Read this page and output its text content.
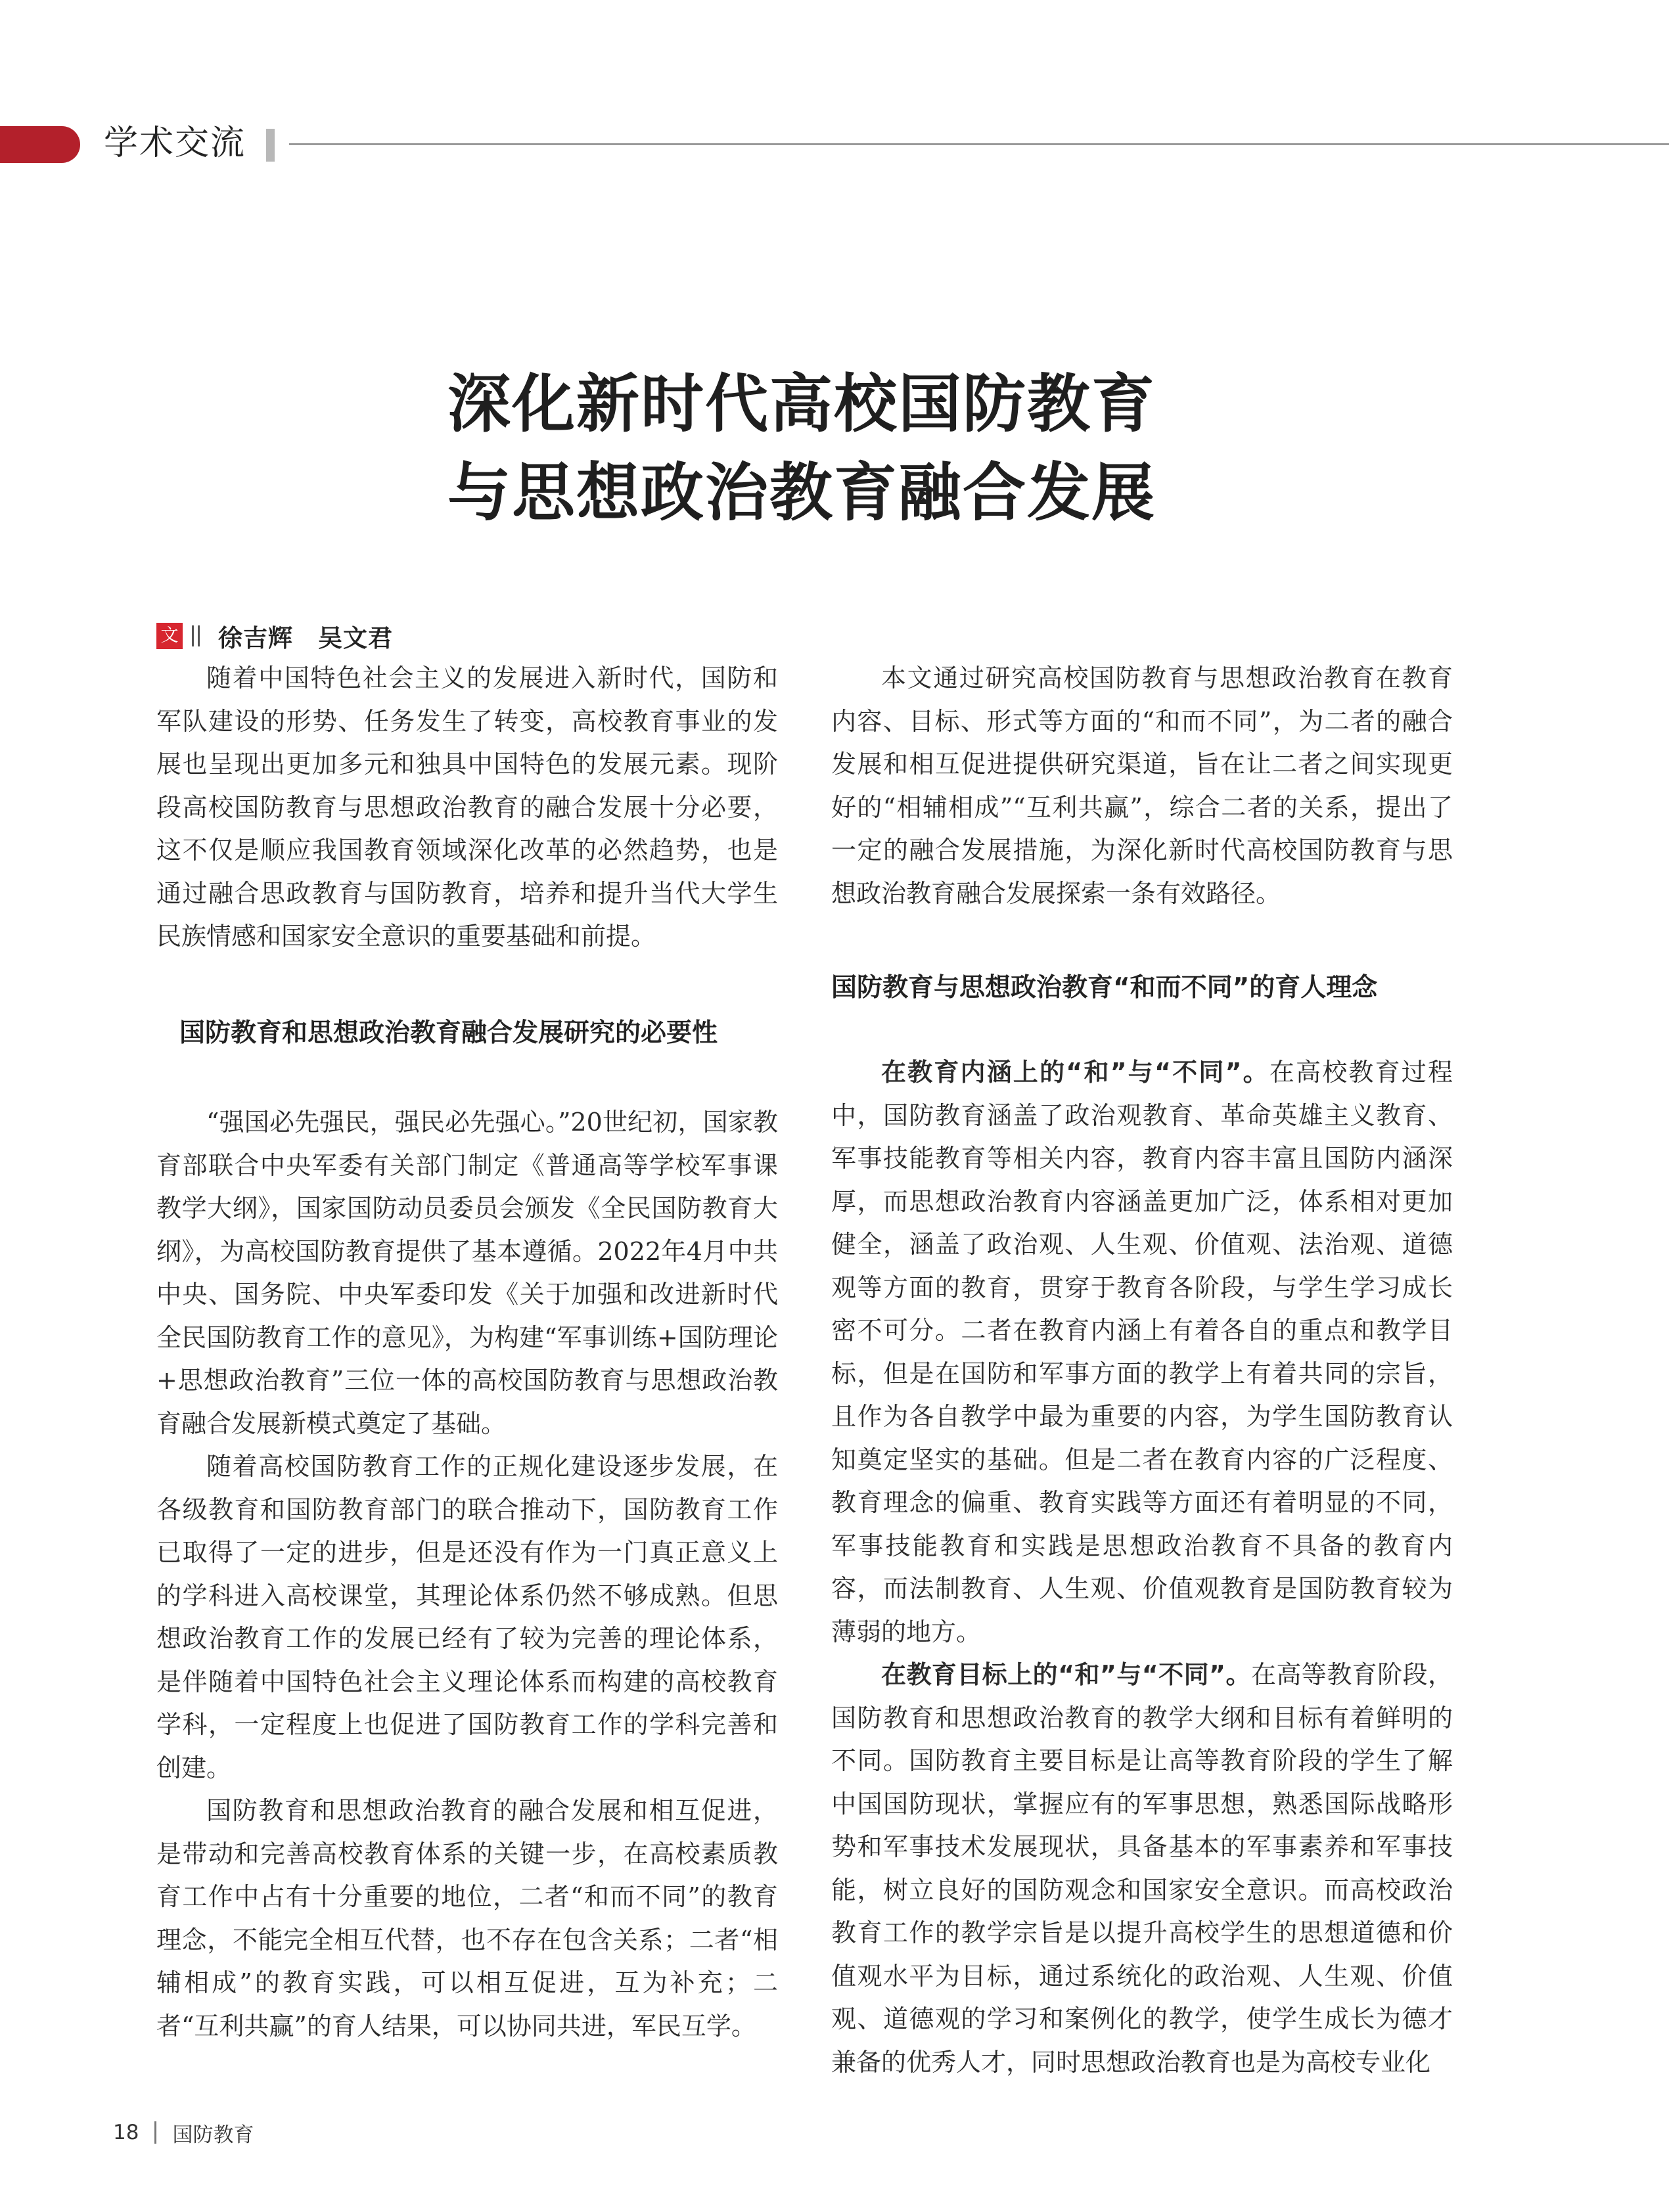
学术交流
深化新时代高校国防教育
与思想政治教育融合发展
文 徐吉辉　吴文君

随着中国特色社会主义的发展进入新时代，国防和军队建设的形势、任务发生了转变，高校教育事业的发展也呈现出更加多元和独具中国特色的发展元素。现阶段高校国防教育与思想政治教育的融合发展十分必要，这不仅是顺应我国教育领域深化改革的必然趋势，也是通过融合思政教育与国防教育，培养和提升当代大学生民族情感和国家安全意识的重要基础和前提。

国防教育和思想政治教育融合发展研究的必要性

“强国必先强民，强民必先强心。”20世纪初，国家教育部联合中央军委有关部门制定《普通高等学校军事课教学大纲》，国家国防动员委员会颁发《全民国防教育大纲》，为高校国防教育提供了基本遵循。2022年4月中共中央、国务院、中央军委印发《关于加强和改进新时代全民国防教育工作的意见》，为构建“军事训练+国防理论+思想政治教育”三位一体的高校国防教育与思想政治教育融合发展新模式奠定了基础。

随着高校国防教育工作的正规化建设逐步发展，在各级教育和国防教育部门的联合推动下，国防教育工作已取得了一定的进步，但是还没有作为一门真正意义上的学科进入高校课堂，其理论体系仍然不够成熟。但思想政治教育工作的发展已经有了较为完善的理论体系，是伴随着中国特色社会主义理论体系而构建的高校教育学科，一定程度上也促进了国防教育工作的学科完善和创建。

国防教育和思想政治教育的融合发展和相互促进，是带动和完善高校教育体系的关键一步，在高校素质教育工作中占有十分重要的地位，二者“和而不同”的教育理念，不能完全相互代替，也不存在包含关系；二者“相辅相成”的教育实践，可以相互促进，互为补充；二者“互利共赢”的育人结果，可以协同共进，军民互学。

本文通过研究高校国防教育与思想政治教育在教育内容、目标、形式等方面的“和而不同”，为二者的融合发展和相互促进提供研究渠道，旨在让二者之间实现更好的“相辅相成”“互利共赢”，综合二者的关系，提出了一定的融合发展措施，为深化新时代高校国防教育与思想政治教育融合发展探索一条有效路径。

国防教育与思想政治教育“和而不同”的育人理念

在教育内涵上的“和”与“不同”。在高校教育过程中，国防教育涵盖了政治观教育、革命英雄主义教育、军事技能教育等相关内容，教育内容丰富且国防内涵深厚，而思想政治教育内容涵盖更加广泛，体系相对更加健全，涵盖了政治观、人生观、价值观、法治观、道德观等方面的教育，贯穿于教育各阶段，与学生学习成长密不可分。二者在教育内涵上有着各自的重点和教学目标，但是在国防和军事方面的教学上有着共同的宗旨，且作为各自教学中最为重要的内容，为学生国防教育认知奠定坚实的基础。但是二者在教育内容的广泛程度、教育理念的偏重、教育实践等方面还有着明显的不同，军事技能教育和实践是思想政治教育不具备的教育内容，而法制教育、人生观、价值观教育是国防教育较为薄弱的地方。

在教育目标上的“和”与“不同”。在高等教育阶段，国防教育和思想政治教育的教学大纲和目标有着鲜明的不同。国防教育主要目标是让高等教育阶段的学生了解中国国防现状，掌握应有的军事思想，熟悉国际战略形势和军事技术发展现状，具备基本的军事素养和军事技能，树立良好的国防观念和国家安全意识。而高校政治教育工作的教学宗旨是以提升高校学生的思想道德和价值观水平为目标，通过系统化的政治观、人生观、价值观、道德观的学习和案例化的教学，使学生成长为德才兼备的优秀人才，同时思想政治教育也是为高校专业化

18 国防教育
